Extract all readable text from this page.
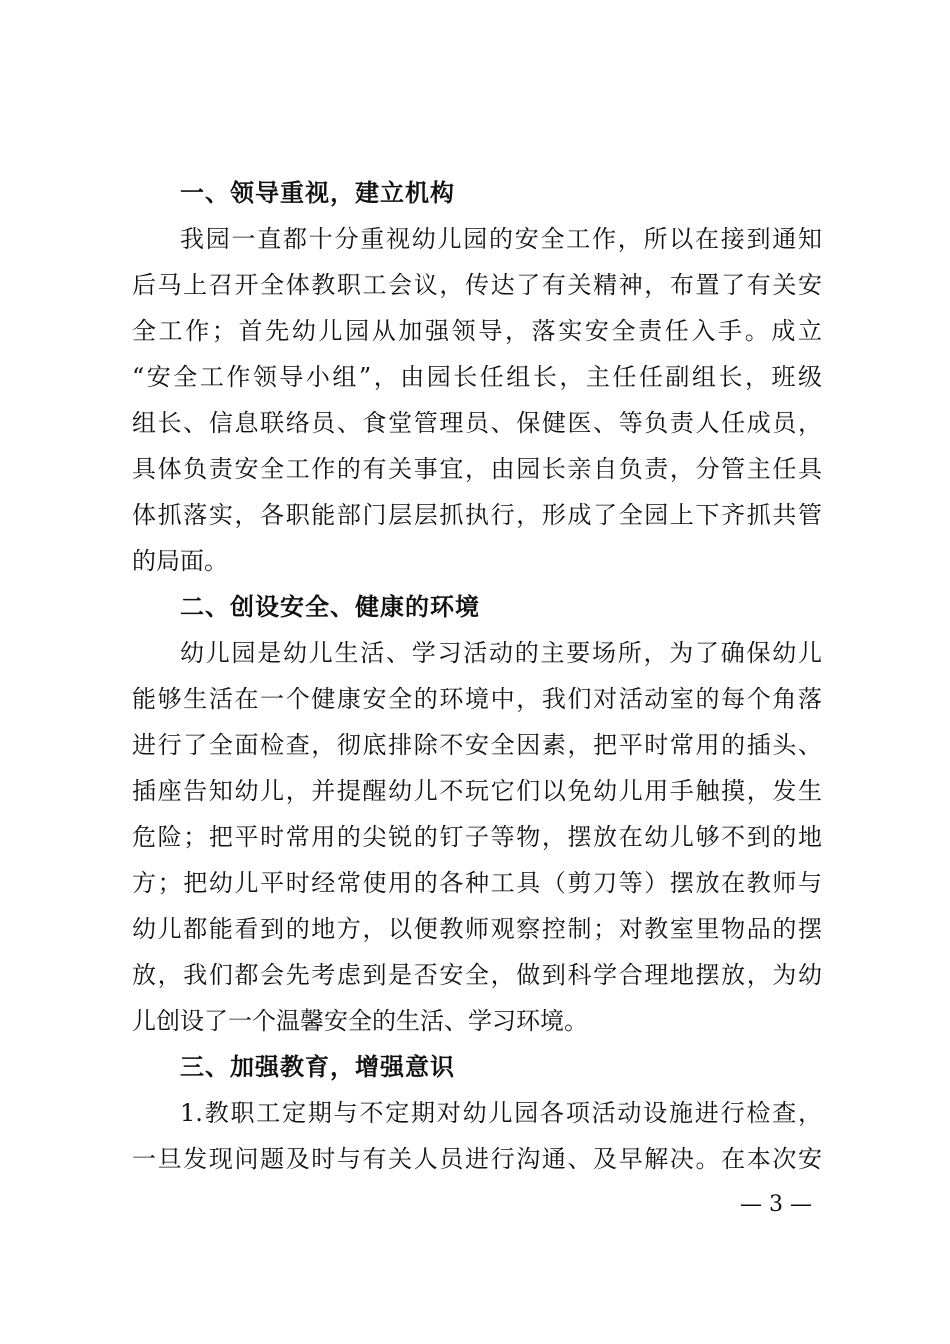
一、领导重视，建立机构
我园一直都十分重视幼儿园的安全工作，所以在接到通知
后马上召开全体教职工会议，传达了有关精神，布置了有关安
全工作；首先幼儿园从加强领导，落实安全责任入手。成立
“安全工作领导小组”，由园长任组长，主任任副组长，班级
组长、信息联络员、食堂管理员、保健医、等负责人任成员，
具体负责安全工作的有关事宜，由园长亲自负责，分管主任具
体抓落实，各职能部门层层抓执行，形成了全园上下齐抓共管
的局面。
二、创设安全、健康的环境
幼儿园是幼儿生活、学习活动的主要场所，为了确保幼儿
能够生活在一个健康安全的环境中，我们对活动室的每个角落
进行了全面检查，彻底排除不安全因素，把平时常用的插头、
插座告知幼儿，并提醒幼儿不玩它们以免幼儿用手触摸，发生
危险；把平时常用的尖锐的钉子等物，摆放在幼儿够不到的地
方；把幼儿平时经常使用的各种工具（剪刀等）摆放在教师与
幼儿都能看到的地方，以便教师观察控制；对教室里物品的摆
放，我们都会先考虑到是否安全，做到科学合理地摆放，为幼
儿创设了一个温馨安全的生活、学习环境。
三、加强教育，增强意识
1.教职工定期与不定期对幼儿园各项活动设施进行检查，
一旦发现问题及时与有关人员进行沟通、及早解决。在本次安
— 3 —
